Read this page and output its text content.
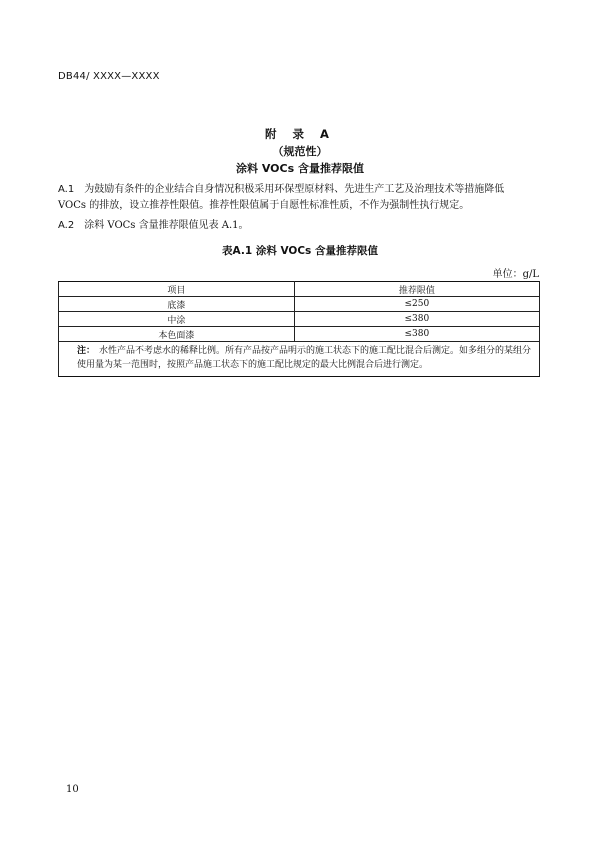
DB44/ XXXX—XXXX
附 录 A
（规范性）
涂料 VOCs 含量推荐限值
A.1 为鼓励有条件的企业结合自身情况积极采用环保型原材料、先进生产工艺及治理技术等措施降低
VOCs 的排放，设立推荐性限值。推荐性限值属于自愿性标准性质，不作为强制性执行规定。
A.2 涂料 VOCs 含量推荐限值见表 A.1。
表A.1 涂料 VOCs 含量推荐限值
单位：g/L
项目	推荐限值
底漆	≤250
中涂	≤380
本色面漆	≤380
注： 水性产品不考虑水的稀释比例。所有产品按产品明示的施工状态下的施工配比混合后测定。如多组分的某组分
使用量为某一范围时，按照产品施工状态下的施工配比规定的最大比例混合后进行测定。	
10
